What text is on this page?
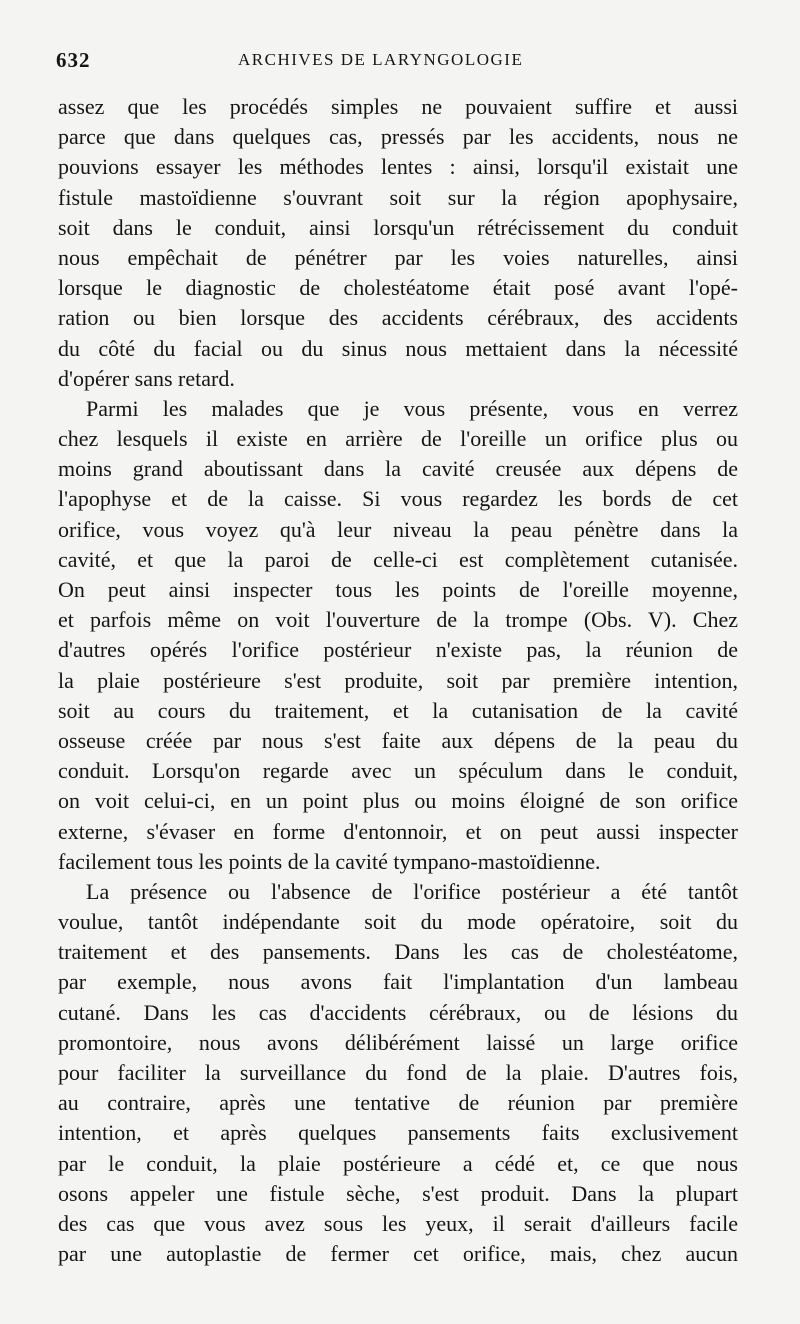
632	ARCHIVES DE LARYNGOLOGIE
assez que les procédés simples ne pouvaient suffire et aussi
parce que dans quelques cas, pressés par les accidents, nous ne
pouvions essayer les méthodes lentes : ainsi, lorsqu'il existait une
fistule mastoïdienne s'ouvrant soit sur la région apophysaire,
soit dans le conduit, ainsi lorsqu'un rétrécissement du conduit
nous empêchait de pénétrer par les voies naturelles, ainsi
lorsque le diagnostic de cholestéatome était posé avant l'opé-
ration ou bien lorsque des accidents cérébraux, des accidents
du côté du facial ou du sinus nous mettaient dans la nécessité
d'opérer sans retard.
Parmi les malades que je vous présente, vous en verrez
chez lesquels il existe en arrière de l'oreille un orifice plus ou
moins grand aboutissant dans la cavité creusée aux dépens de
l'apophyse et de la caisse. Si vous regardez les bords de cet
orifice, vous voyez qu'à leur niveau la peau pénètre dans la
cavité, et que la paroi de celle-ci est complètement cutanisée.
On peut ainsi inspecter tous les points de l'oreille moyenne,
et parfois même on voit l'ouverture de la trompe (Obs. V). Chez
d'autres opérés l'orifice postérieur n'existe pas, la réunion de
la plaie postérieure s'est produite, soit par première intention,
soit au cours du traitement, et la cutanisation de la cavité
osseuse créée par nous s'est faite aux dépens de la peau du
conduit. Lorsqu'on regarde avec un spéculum dans le conduit,
on voit celui-ci, en un point plus ou moins éloigné de son orifice
externe, s'évaser en forme d'entonnoir, et on peut aussi inspecter
facilement tous les points de la cavité tympano-mastoïdienne.
La présence ou l'absence de l'orifice postérieur a été tantôt
voulue, tantôt indépendante soit du mode opératoire, soit du
traitement et des pansements. Dans les cas de cholestéatome,
par exemple, nous avons fait l'implantation d'un lambeau
cutané. Dans les cas d'accidents cérébraux, ou de lésions du
promontoire, nous avons délibérément laissé un large orifice
pour faciliter la surveillance du fond de la plaie. D'autres fois,
au contraire, après une tentative de réunion par première
intention, et après quelques pansements faits exclusivement
par le conduit, la plaie postérieure a cédé et, ce que nous
osons appeler une fistule sèche, s'est produit. Dans la plupart
des cas que vous avez sous les yeux, il serait d'ailleurs facile
par une autoplastie de fermer cet orifice, mais, chez aucun
